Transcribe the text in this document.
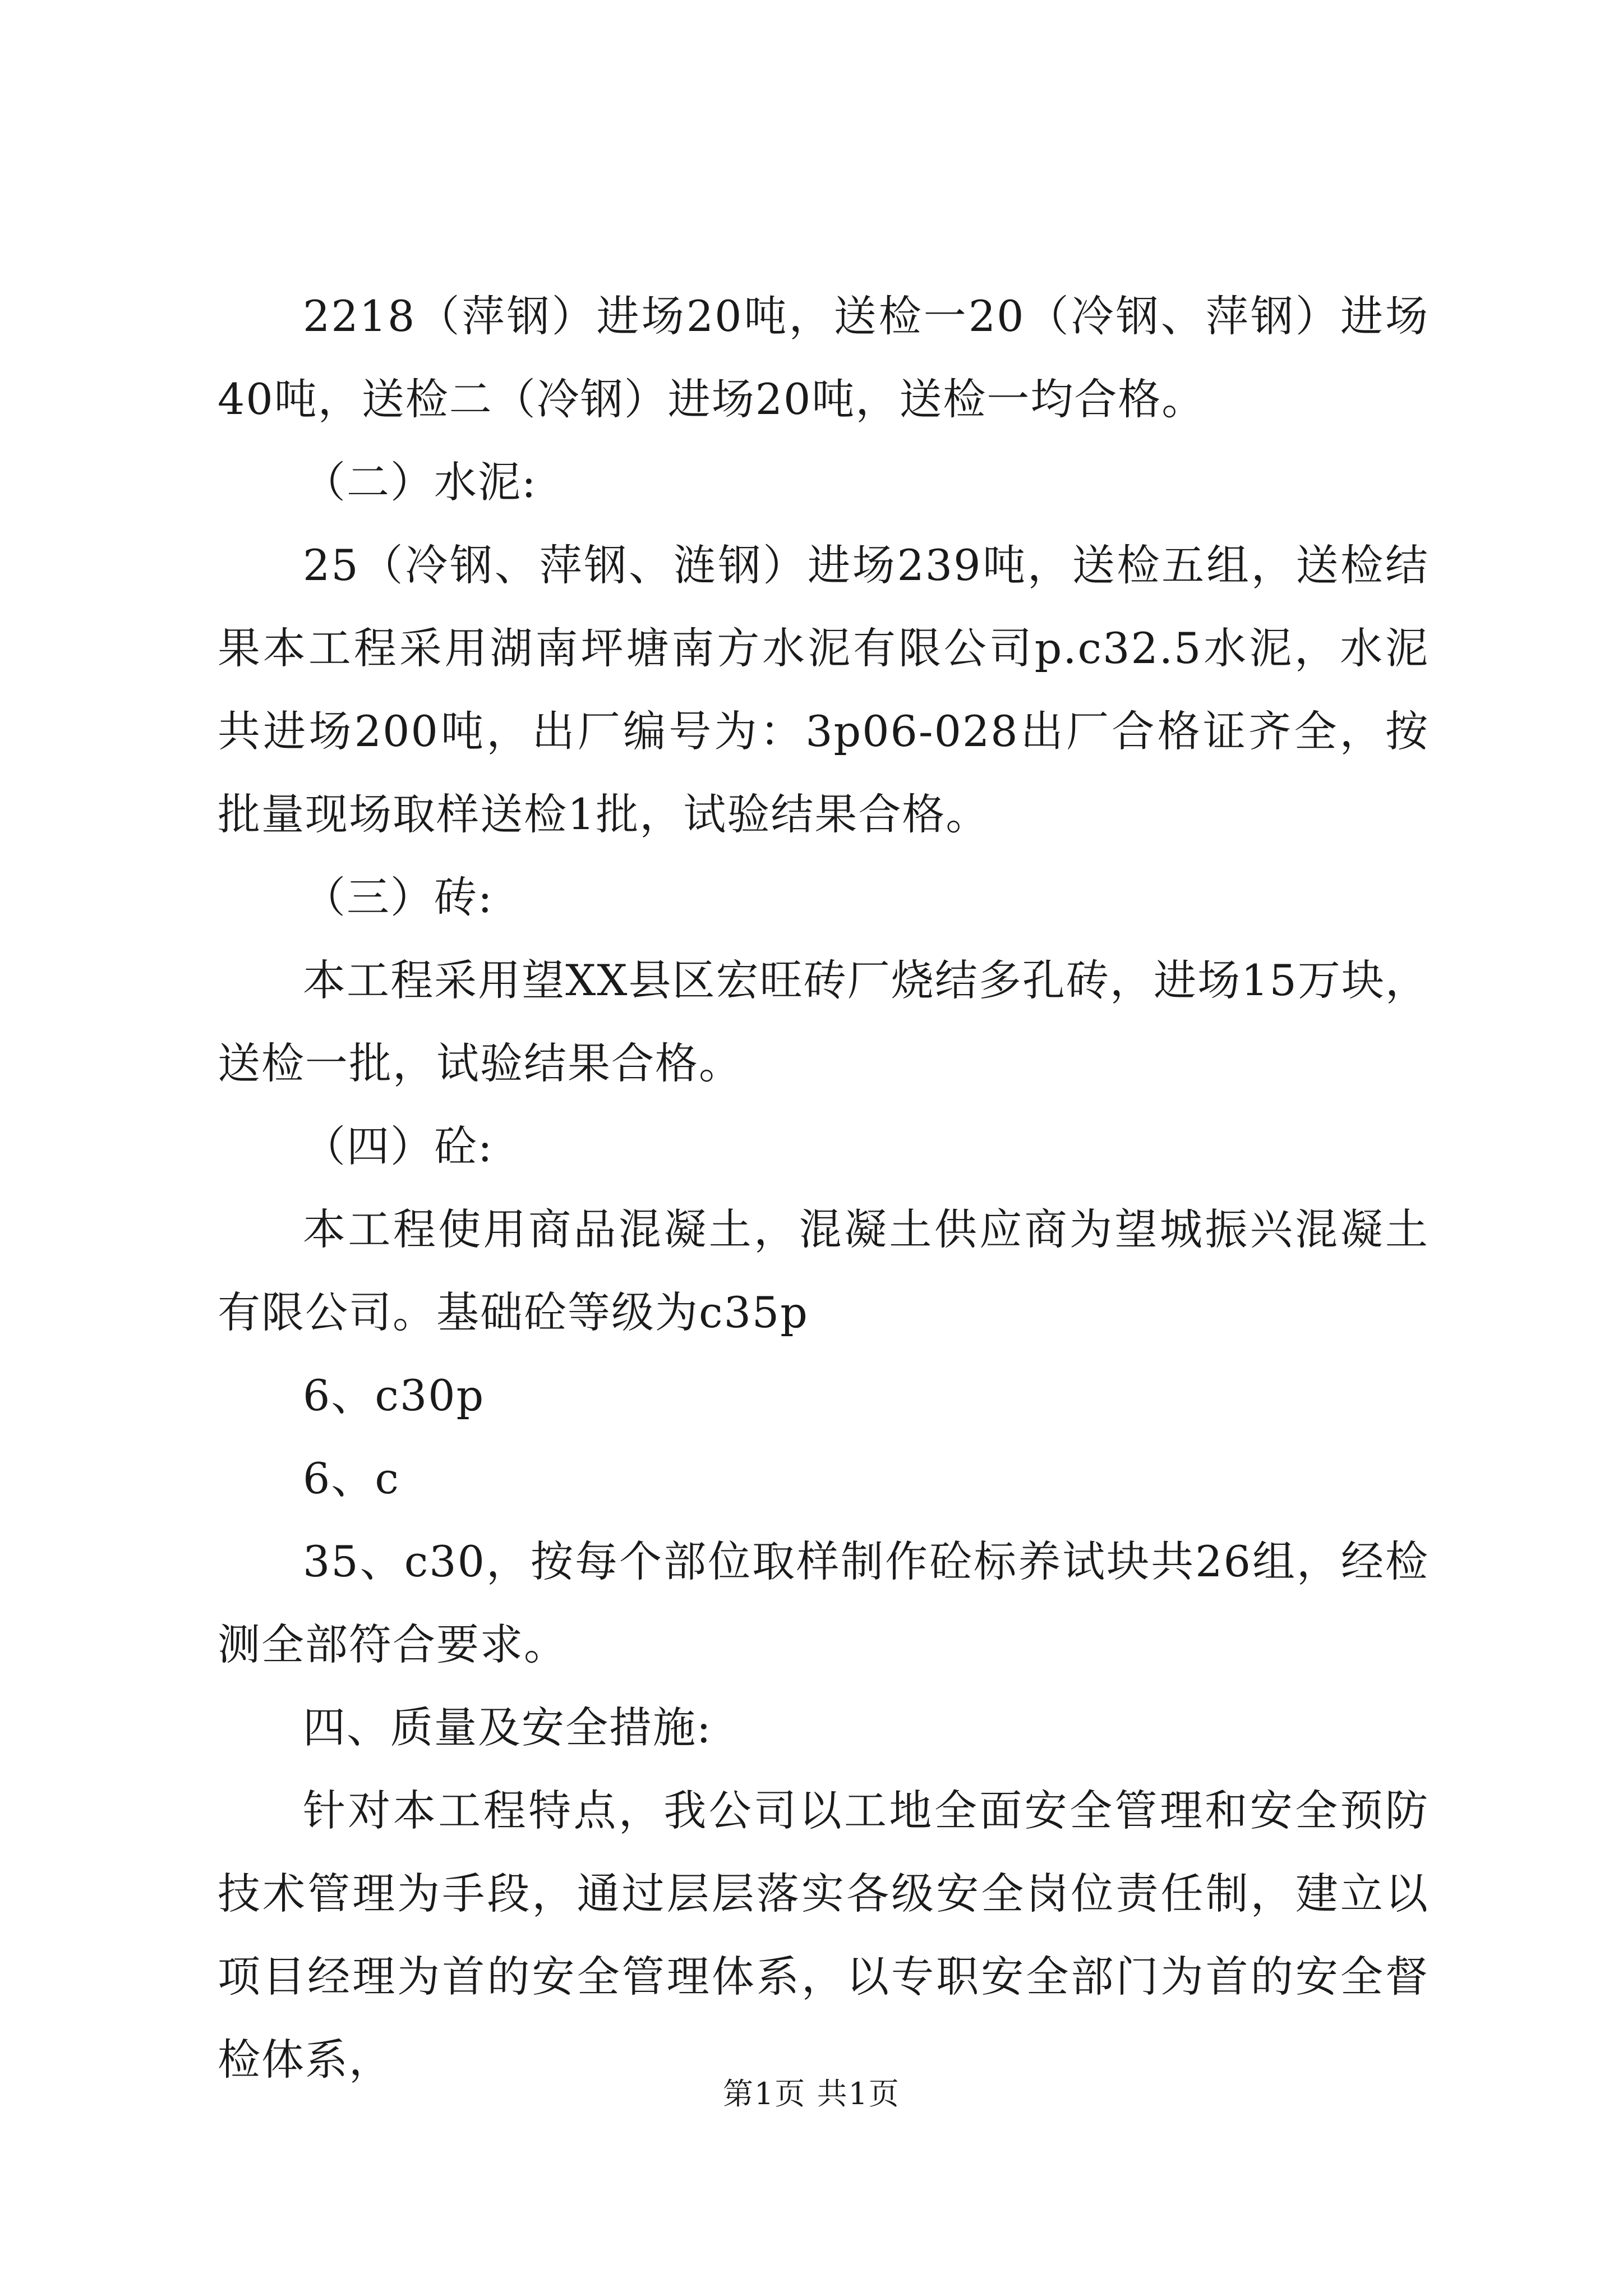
2218（萍钢）进场20吨，送检一20（冷钢、萍钢）进场40吨，送检二（冷钢）进场20吨，送检一均合格。

（二）水泥:

25（冷钢、萍钢、涟钢）进场239吨，送检五组，送检结果本工程采用湖南坪塘南方水泥有限公司p.c32.5水泥，水泥共进场200吨，出厂编号为：3p06-028出厂合格证齐全，按批量现场取样送检1批，试验结果合格。

（三）砖:

本工程采用望XX县区宏旺砖厂烧结多孔砖，进场15万块，送检一批，试验结果合格。

（四）砼:

本工程使用商品混凝土，混凝土供应商为望城振兴混凝土有限公司。基础砼等级为c35p

6、c30p

6、c

35、c30，按每个部位取样制作砼标养试块共26组，经检测全部符合要求。

四、质量及安全措施:

针对本工程特点，我公司以工地全面安全管理和安全预防技术管理为手段，通过层层落实各级安全岗位责任制，建立以项目经理为首的安全管理体系，以专职安全部门为首的安全督检体系，

第1页 共1页
